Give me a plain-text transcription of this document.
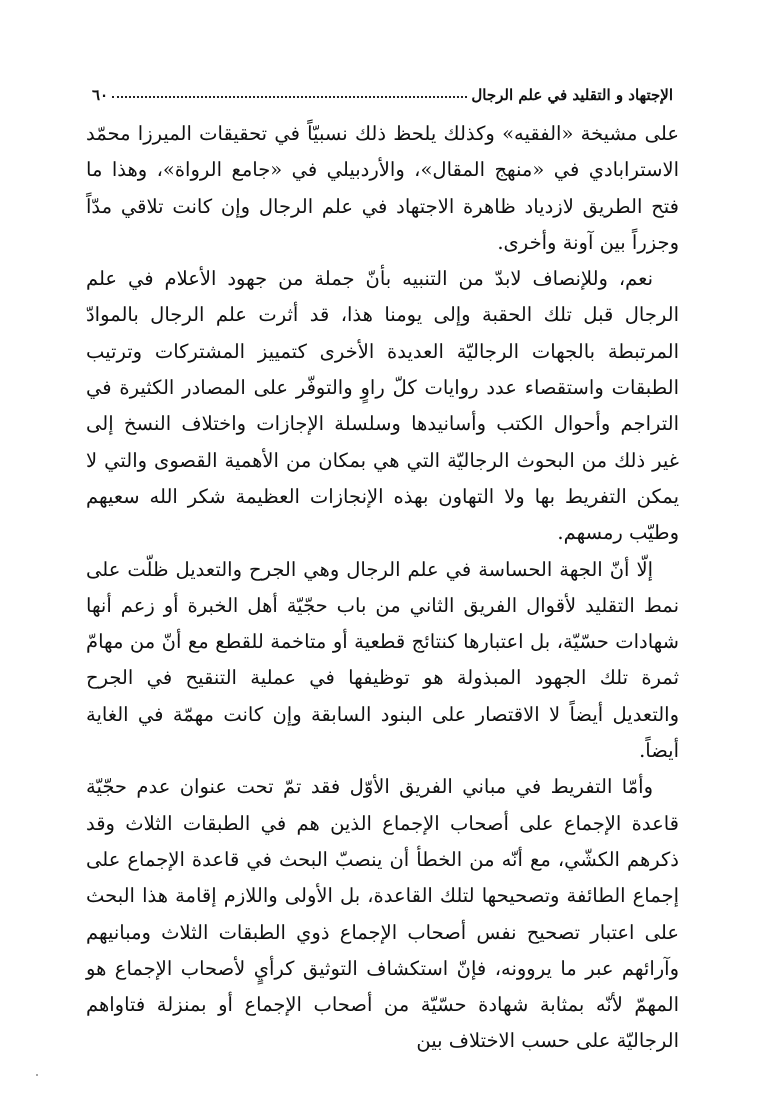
الإجتهاد و التقليد في علم الرجال
٦٠

على مشيخة «الفقيه» وكذلك يلحظ ذلك نسبيّاً في تحقيقات الميرزا محمّد الاسترابادي في «منهج المقال»، والأردبيلي في «جامع الرواة»، وهذا ما فتح الطريق لازدياد ظاهرة الاجتهاد في علم الرجال وإن كانت تلاقي مدّاً وجزراً بين آونة وأخرى.

نعم، وللإنصاف لابدّ من التنبيه بأنّ جملة من جهود الأعلام في علم الرجال قبل تلك الحقبة وإلى يومنا هذا، قد أثرت علم الرجال بالموادّ المرتبطة بالجهات الرجاليّة العديدة الأخرى كتمييز المشتركات وترتيب الطبقات واستقصاء عدد روايات كلّ راوٍ والتوفّر على المصادر الكثيرة في التراجم وأحوال الكتب وأسانيدها وسلسلة الإجازات واختلاف النسخ إلى غير ذلك من البحوث الرجاليّة التي هي بمكان من الأهمية القصوى والتي لا يمكن التفريط بها ولا التهاون بهذه الإنجازات العظيمة شكر الله سعيهم وطيّب رمسهم.

إلّا أنّ الجهة الحساسة في علم الرجال وهي الجرح والتعديل ظلّت على نمط التقليد لأقوال الفريق الثاني من باب حجّيّة أهل الخبرة أو زعم أنها شهادات حسّيّة، بل اعتبارها كنتائج قطعية أو متاخمة للقطع مع أنّ من مهامّ ثمرة تلك الجهود المبذولة هو توظيفها في عملية التنقيح في الجرح والتعديل أيضاً لا الاقتصار على البنود السابقة وإن كانت مهمّة في الغاية أيضاً.

وأمّا التفريط في مباني الفريق الأوّل فقد تمّ تحت عنوان عدم حجّيّة قاعدة الإجماع على أصحاب الإجماع الذين هم في الطبقات الثلاث وقد ذكرهم الكشّي، مع أنّه من الخطأ أن ينصبّ البحث في قاعدة الإجماع على إجماع الطائفة وتصحيحها لتلك القاعدة، بل الأولى واللازم إقامة هذا البحث على اعتبار تصحيح نفس أصحاب الإجماع ذوي الطبقات الثلاث ومبانيهم وآرائهم عبر ما يروونه، فإنّ استكشاف التوثيق كرأيٍ لأصحاب الإجماع هو المهمّ لأنّه بمثابة شهادة حسّيّة من أصحاب الإجماع أو بمنزلة فتاواهم الرجاليّة على حسب الاختلاف بين
